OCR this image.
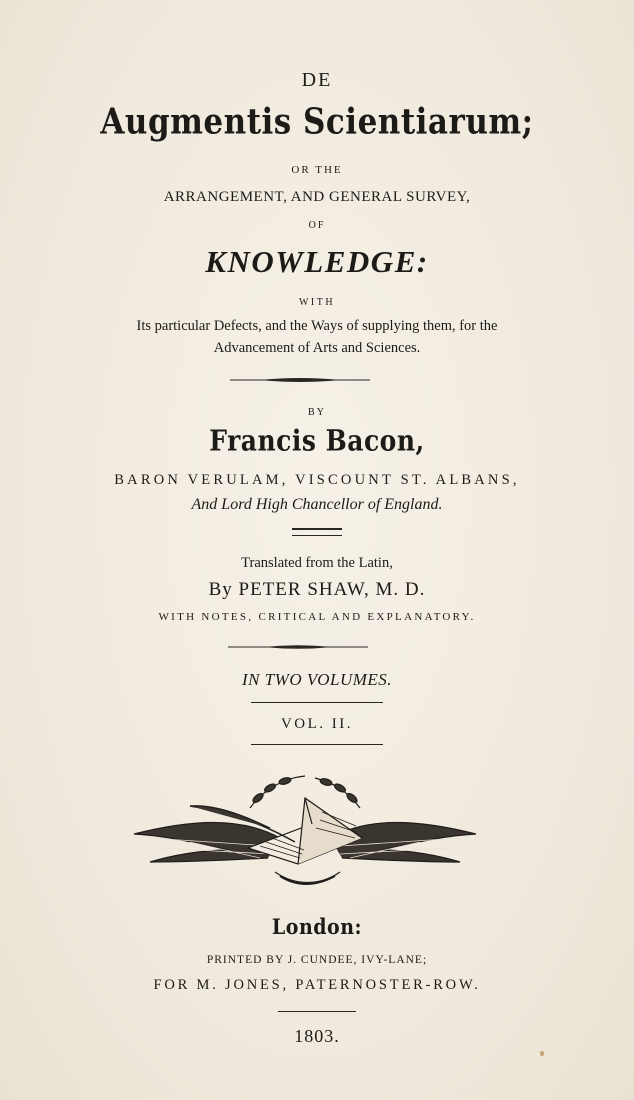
DE
Augmentis Scientiarum;
OR THE
ARRANGEMENT, AND GENERAL SURVEY,
OF
KNOWLEDGE:
WITH
Its particular Defects, and the Ways of supplying them, for the
Advancement of Arts and Sciences.
BY
Francis Bacon,
BARON VERULAM, VISCOUNT ST. ALBANS,
And Lord High Chancellor of England.
Translated from the Latin,
By PETER SHAW, M. D.
WITH NOTES, CRITICAL AND EXPLANATORY.
IN TWO VOLUMES.
VOL. II.
London:
PRINTED BY J. CUNDEE, IVY-LANE;
FOR M. JONES, PATERNOSTER-ROW.
1803.
